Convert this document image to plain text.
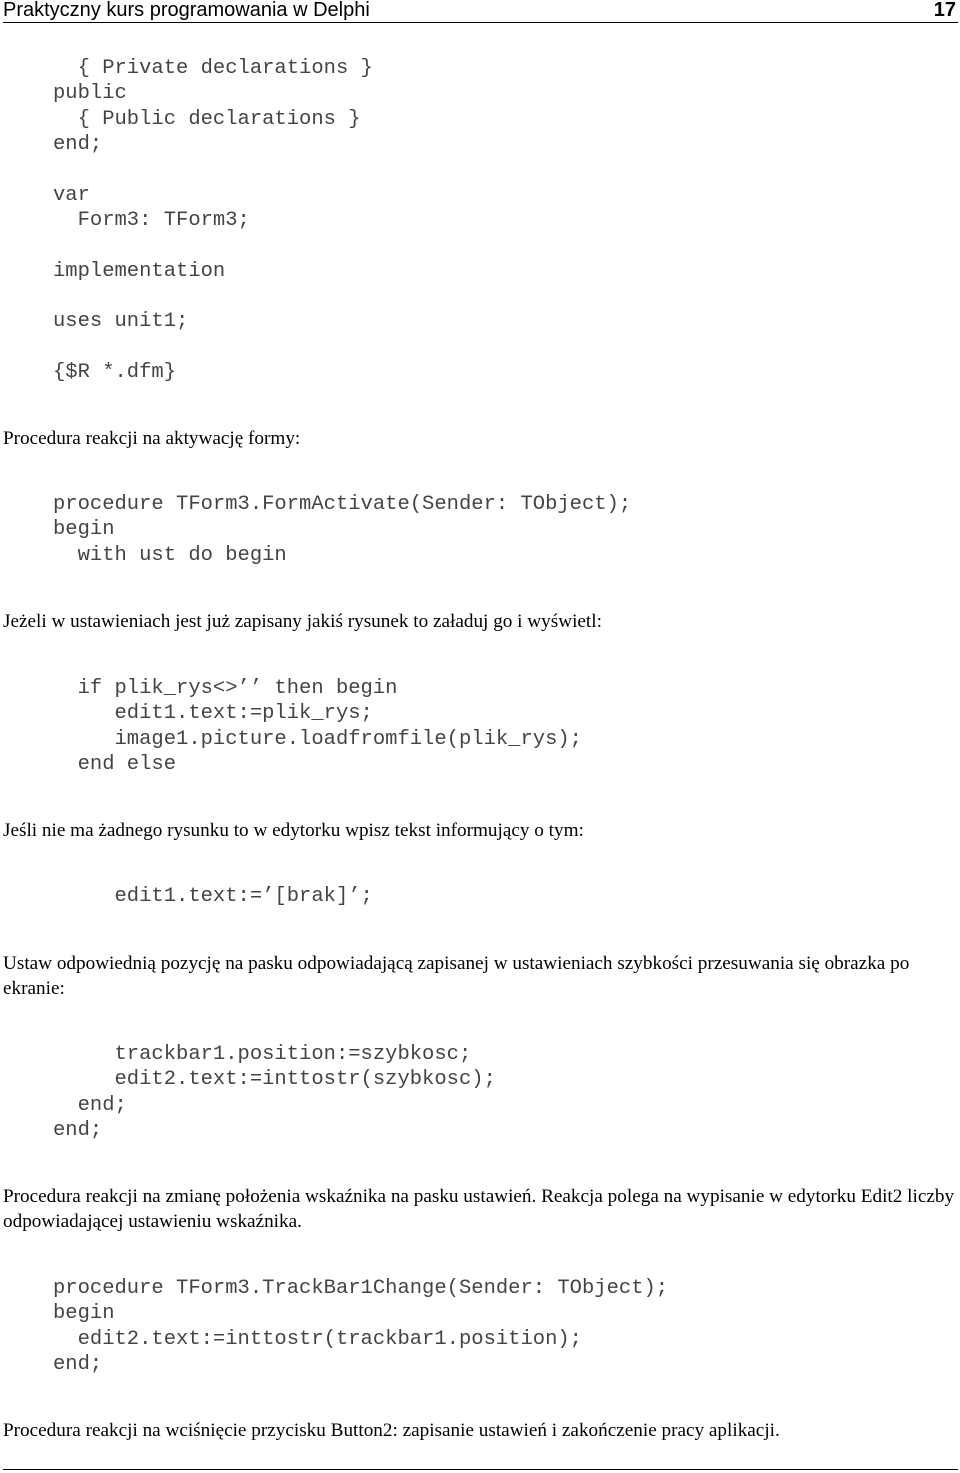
Praktyczny kurs programowania w Delphi	17
{ Private declarations }
public
{ Public declarations }
end;
var
Form3: TForm3;
implementation
uses unit1;
{$R *.dfm}

Procedura reakcji na aktywację formy:

procedure TForm3.FormActivate(Sender: TObject);
begin
with ust do begin

Jeżeli w ustawieniach jest już zapisany jakiś rysunek to załaduj go i wyświetl:

if plik_rys<>’’ then begin
edit1.text:=plik_rys;
image1.picture.loadfromfile(plik_rys);
end else

Jeśli nie ma żadnego rysunku to w edytorku wpisz tekst informujący o tym:

edit1.text:=’[brak]’;

Ustaw odpowiednią pozycję na pasku odpowiadającą zapisanej w ustawieniach szybkości przesuwania się obrazka po ekranie:

trackbar1.position:=szybkosc;
edit2.text:=inttostr(szybkosc);
end;
end;

Procedura reakcji na zmianę położenia wskaźnika na pasku ustawień. Reakcja polega na wypisanie w edytorku Edit2 liczby odpowiadającej ustawieniu wskaźnika.

procedure TForm3.TrackBar1Change(Sender: TObject);
begin
edit2.text:=inttostr(trackbar1.position);
end;

Procedura reakcji na wciśnięcie przycisku Button2: zapisanie ustawień i zakończenie pracy aplikacji.
